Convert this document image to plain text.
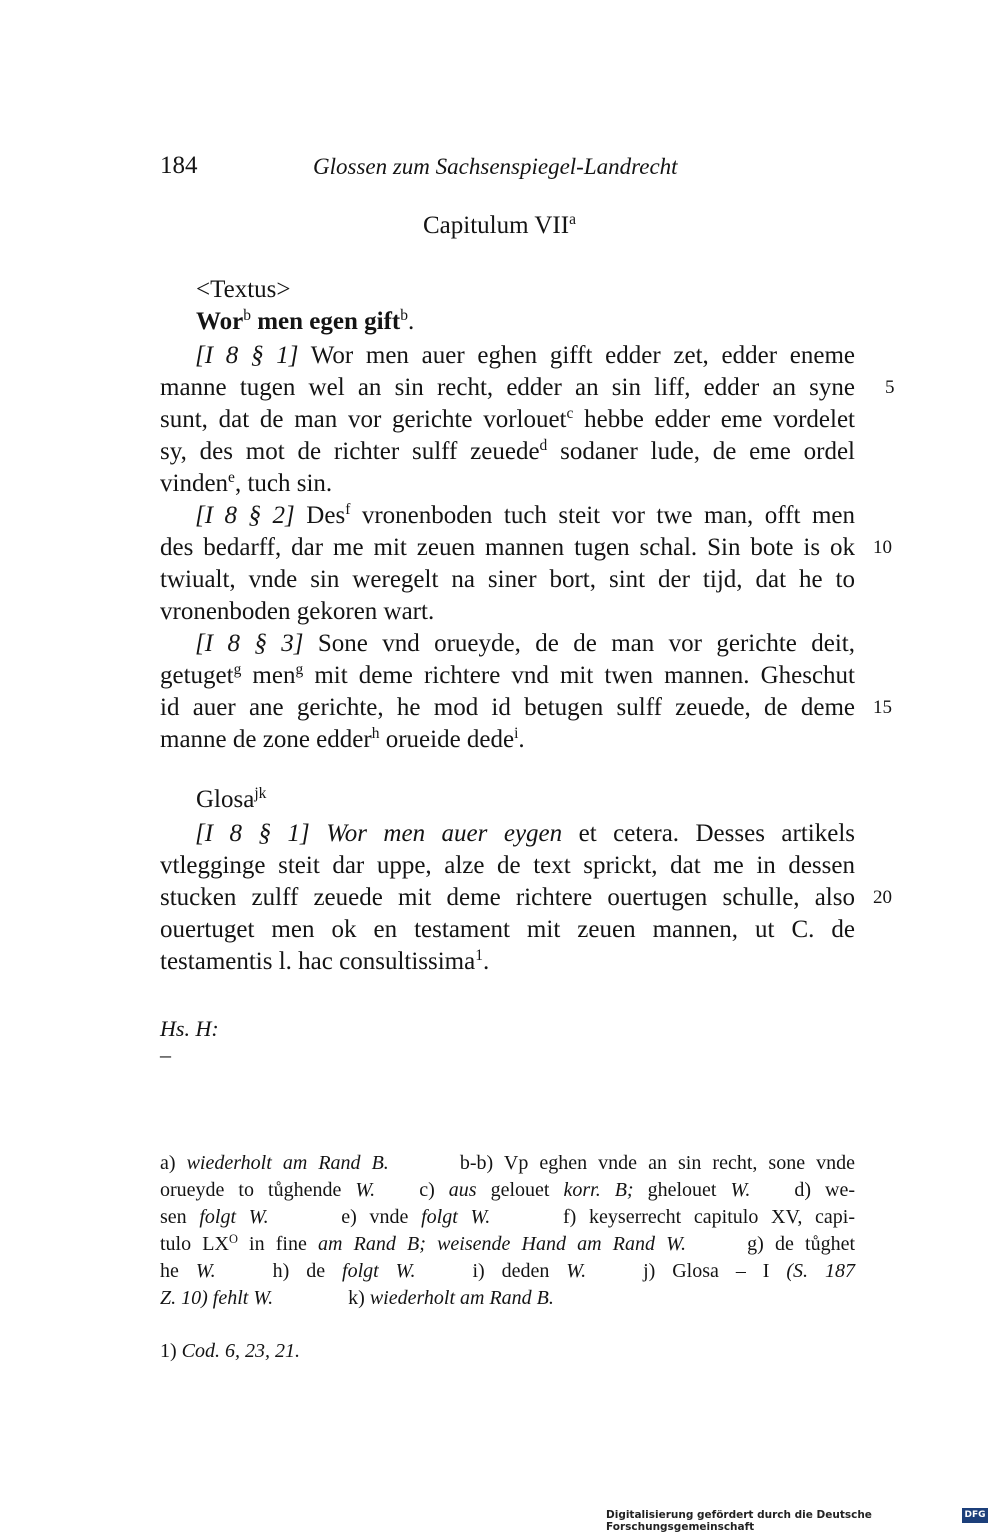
184	Glossen zum Sachsenspiegel-Landrecht
Capitulum $VII^a$
<Textus>
Wor$^b$ men egen gift$^b$.
[I 8 § 1] Wor men auer eghen gifft edder zet, edder eneme
manne tugen wel an sin recht, edder an sin liff, edder an syne
sunt, dat de man vor gerichte vorlouet$^c$ hebbe edder eme vordelet
sy, des mot de richter sulff zeuede$^d$ sodaner lude, de eme ordel
vinden$^e$, tuch sin.
[I 8 § 2] Des$^f$ vronenboden tuch steit vor twe man, offt men
des bedarff, dar me mit zeuen mannen tugen schal. Sin bote is ok
twiualt, vnde sin weregelt na siner bort, sint der tijd, dat he to
vronenboden gekoren wart.
[I 8 § 3] Sone vnd orueyde, de de man vor gerichte deit,
getuget$^g$ men$^g$ mit deme richtere vnd mit twen mannen. Gheschut
id auer ane gerichte, he mod id betugen sulff zeuede, de deme
manne de zone edder$^h$ orueide dede$^i$.
Glosa$^{jk}$
[I 8 § 1] Wor men auer eygen et cetera. Desses artikels
vtlegginge steit dar uppe, alze de text sprickt, dat me in dessen
stucken zulff zeuede mit deme richtere ouertugen schulle, also
ouertuget men ok en testament mit zeuen mannen, ut C. de
testamentis l. hac consultissima$^1$.
5
10
15
20
Hs. H:
–
a) wiederholt am Rand B.	b-b) Vp eghen vnde an sin recht, sone vnde
orueyde to tůghende W. c) aus gelouet korr. B; ghelouet W. d) we-
sen folgt W.	e) vnde folgt W.	f) keyserrecht capitulo XV, capi-
tulo $LX^O$ in fine am Rand B; weisende Hand am Rand W.	g) de tůghet
he W.	h) de folgt W.	i) deden W.	j) Glosa – I (S. 187
Z. 10) fehlt W.	k) wiederholt am Rand B.
1) Cod. 6, 23, 21.
Digitalisierung gefördert durch die Deutsche Forschungsgemeinschaft
DFG
